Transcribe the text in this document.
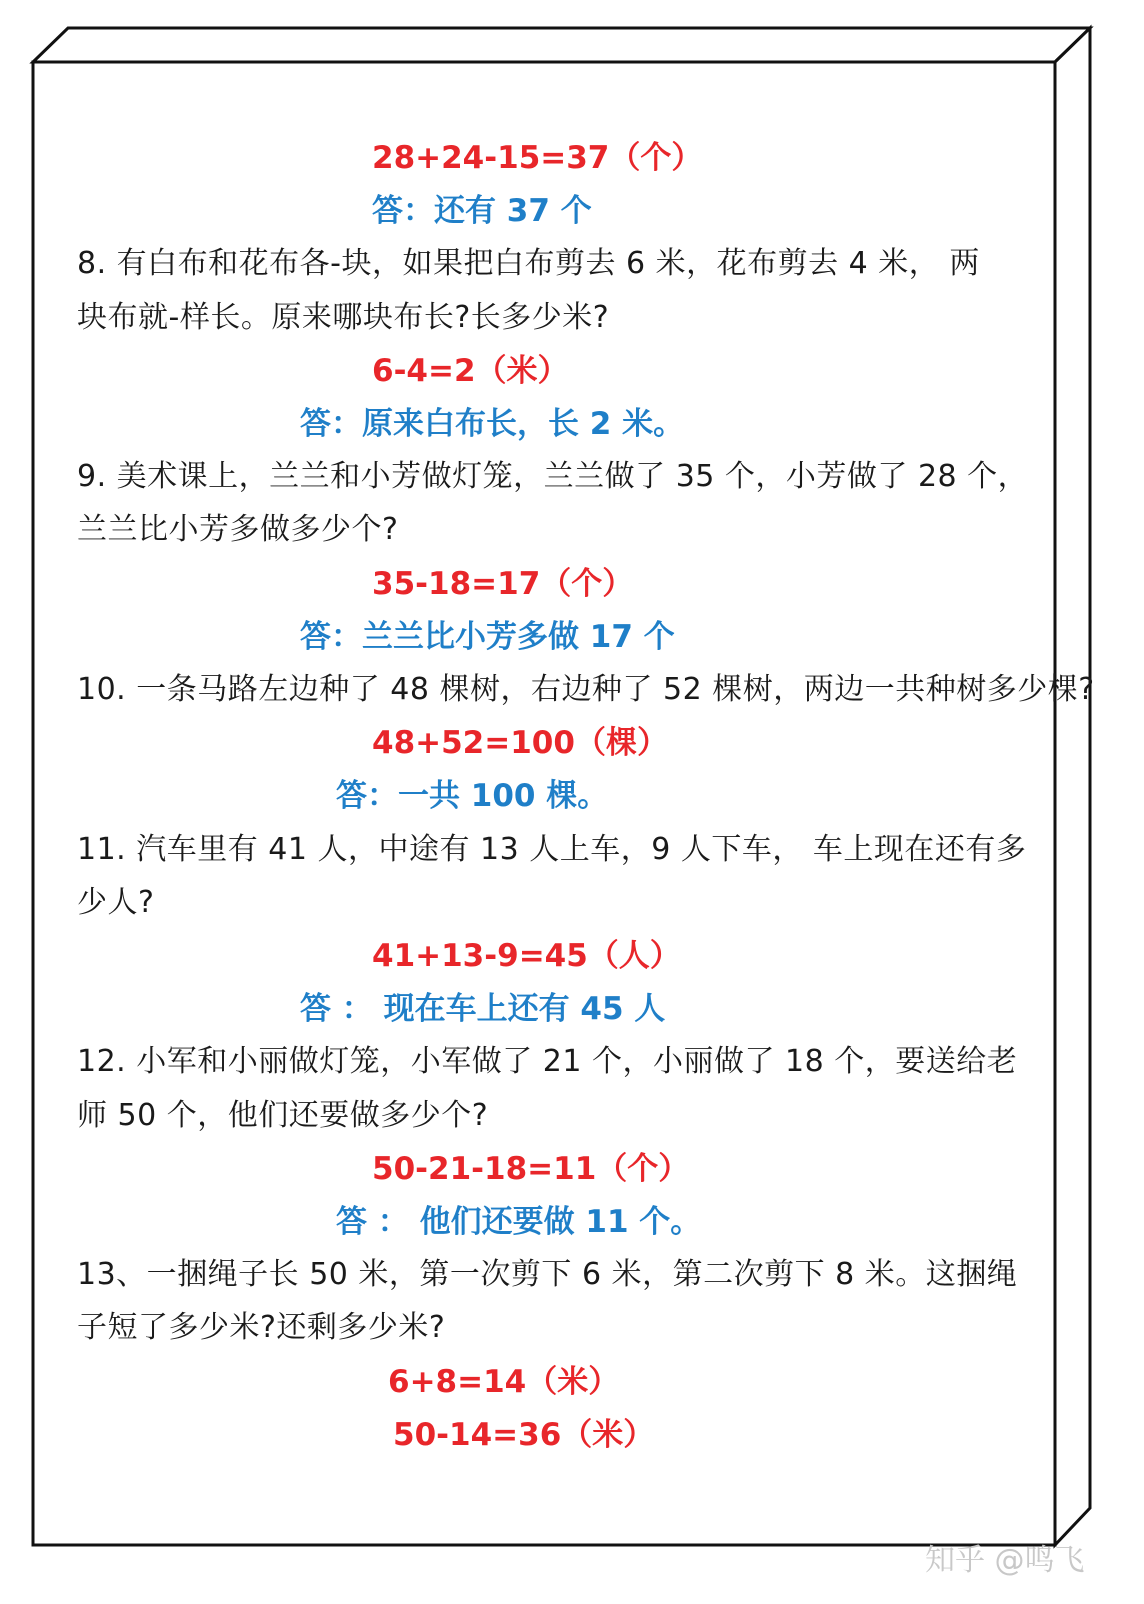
28+24-15=37（个）
答：还有 37 个
8. 有白布和花布各-块，如果把白布剪去 6 米，花布剪去 4 米， 两
块布就-样长。原来哪块布长?长多少米?
6-4=2（米）
答：原来白布长，长 2 米。
9. 美术课上，兰兰和小芳做灯笼，兰兰做了 35 个，小芳做了 28 个，
兰兰比小芳多做多少个?
35-18=17（个）
答：兰兰比小芳多做 17 个
10. 一条马路左边种了 48 棵树，右边种了 52 棵树，两边一共种树多少棵?
48+52=100（棵）
答：一共 100 棵。
11. 汽车里有 41 人，中途有 13 人上车，9 人下车， 车上现在还有多
少人?
41+13-9=45（人）
答 ： 现在车上还有 45 人
12. 小军和小丽做灯笼，小军做了 21 个，小丽做了 18 个，要送给老
师 50 个，他们还要做多少个?
50-21-18=11（个）
答 ： 他们还要做 11 个。
13、一捆绳子长 50 米，第一次剪下 6 米，第二次剪下 8 米。这捆绳
子短了多少米?还剩多少米?
6+8=14（米）
50-14=36（米）
知乎 @鸣飞
